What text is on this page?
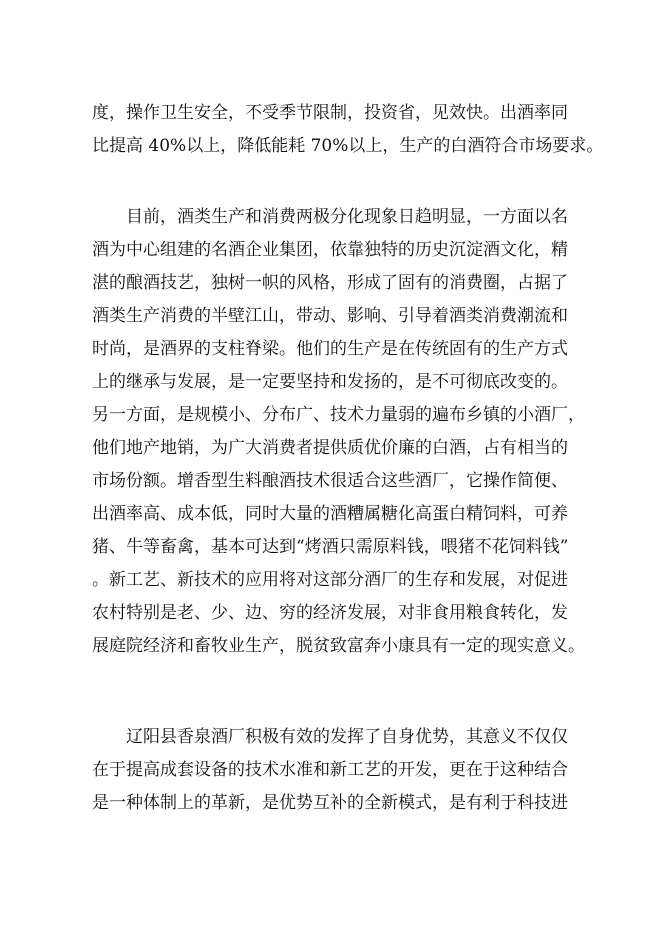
度，操作卫生安全，不受季节限制，投资省，见效快。出酒率同
比提高 40%以上，降低能耗 70%以上，生产的白酒符合市场要求。
目前，酒类生产和消费两极分化现象日趋明显，一方面以名
酒为中心组建的名酒企业集团，依靠独特的历史沉淀酒文化，精
湛的酿酒技艺，独树一帜的风格，形成了固有的消费圈，占据了
酒类生产消费的半壁江山，带动、影响、引导着酒类消费潮流和
时尚，是酒界的支柱脊梁。他们的生产是在传统固有的生产方式
上的继承与发展，是一定要坚持和发扬的，是不可彻底改变的。
另一方面，是规模小、分布广、技术力量弱的遍布乡镇的小酒厂，
他们地产地销，为广大消费者提供质优价廉的白酒，占有相当的
市场份额。增香型生料酿酒技术很适合这些酒厂，它操作简便、
出酒率高、成本低，同时大量的酒糟属糖化高蛋白精饲料，可养
猪、牛等畜禽，基本可达到“烤酒只需原料钱，喂猪不花饲料钱”
。新工艺、新技术的应用将对这部分酒厂的生存和发展，对促进
农村特别是老、少、边、穷的经济发展，对非食用粮食转化，发
展庭院经济和畜牧业生产，脱贫致富奔小康具有一定的现实意义。
辽阳县香泉酒厂积极有效的发挥了自身优势，其意义不仅仅
在于提高成套设备的技术水准和新工艺的开发，更在于这种结合
是一种体制上的革新，是优势互补的全新模式，是有利于科技进
